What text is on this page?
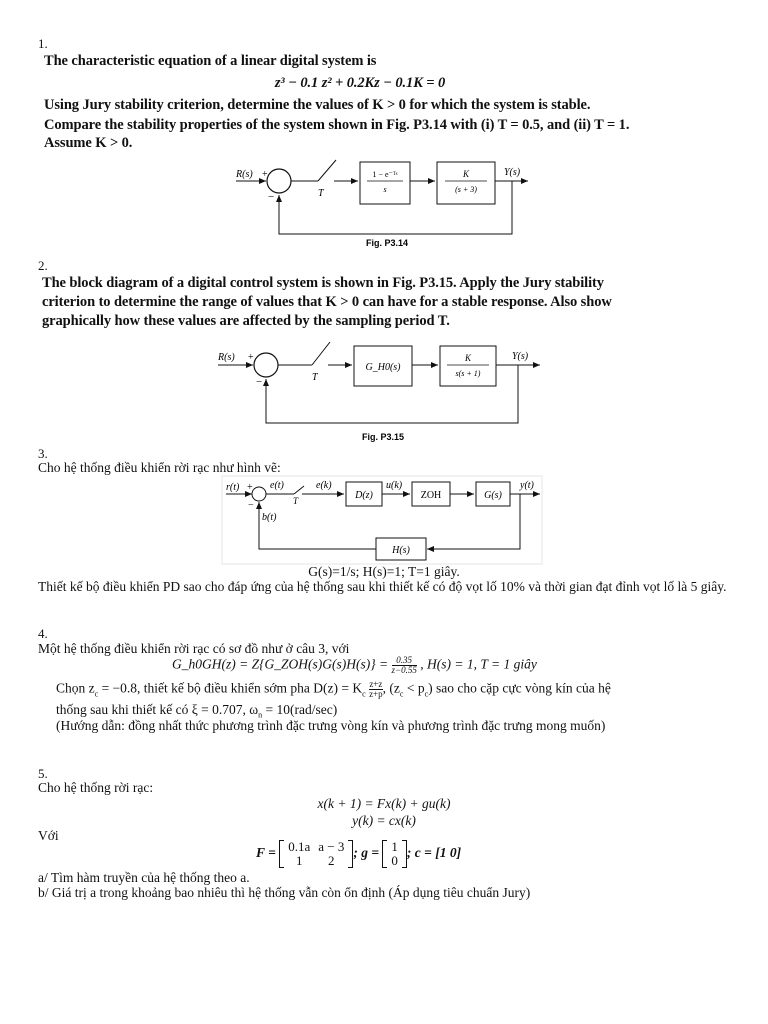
1.
The characteristic equation of a linear digital system is
z³ − 0.1 z² + 0.2Kz − 0.1K = 0
Using Jury stability criterion, determine the values of K > 0 for which the system is stable.
Compare the stability properties of the system shown in Fig. P3.14 with (i) T = 0.5, and (ii) T = 1.
Assume K > 0.
R(s) +
−	T
1 − e⁻ᵀˢ
s
K
(s + 3)
Y(s)
Fig. P3.14
2.
The block diagram of a digital control system is shown in Fig. P3.15. Apply the Jury stability
criterion to determine the range of values that K > 0 can have for a stable response. Also show
graphically how these values are affected by the sampling period T.
R(s) +
−	T
G_H0(s)
K
s(s + 1)
Y(s)
Fig. P3.15
3.
Cho hệ thống điều khiển rời rạc như hình vẽ:
r(t) +
−
e(t)
T
e(k)
D(z)
u(k)
ZOH	G(s)
y(t)
H(s)
b(t)
G(s)=1/s; H(s)=1; T=1 giây.
Thiết kế bộ điều khiển PD sao cho đáp ứng của hệ thống sau khi thiết kế có độ vọt lố 10% và thời gian đạt đỉnh vọt lố là 5 giây.
4.
Một hệ thống điều khiển rời rạc có sơ đồ như ở câu 3, với
G_h0GH(z) = Z{G_ZOH(s)G(s)H(s)} = $\frac{0.35}{z-0.55}$ , H(s) = 1, T = 1 giây
Chọn $z_c = -0.8$, thiết kế bộ điều khiển sớm pha $D(z) = K_c \frac{z+z}{z+p}$ , $(z_c < p_c)$ sao cho cặp cực vòng kín của hệ
thống sau khi thiết kế có ξ = 0.707, $\omega_n = 10(rad/\sec)$
(Hướng dẫn: đồng nhất thức phương trình đặc trưng vòng kín và phương trình đặc trưng mong muốn)
5.
Cho hệ thống rời rạc:
x(k + 1) = Fx(k) + gu(k)
y(k) = cx(k)
Với
F = 0.1a	a − 3
1	2
; g = 1
0
; c = [1 0]
a/ Tìm hàm truyền của hệ thống theo a.
b/ Giá trị a trong khoảng bao nhiêu thì hệ thống vẫn còn ổn định (Áp dụng tiêu chuẩn Jury)
